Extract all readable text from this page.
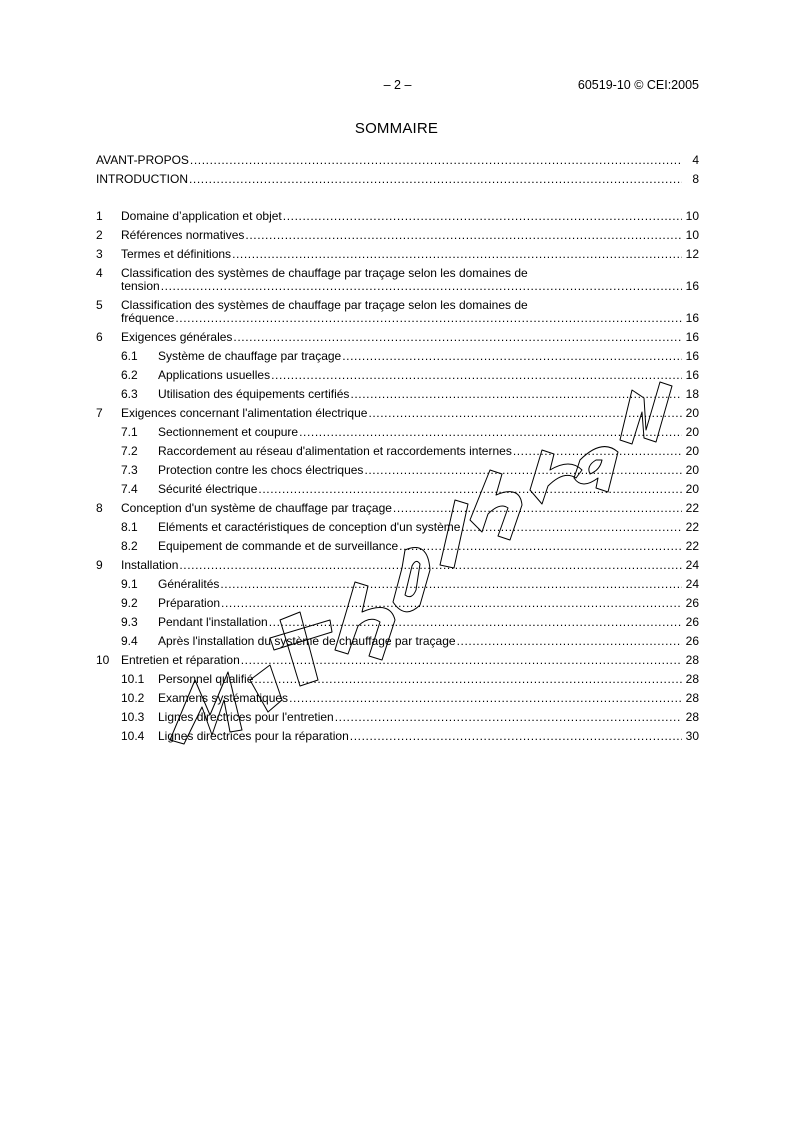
– 2 –	60519-10 © CEI:2005
SOMMAIRE
AVANT-PROPOS .....	4
INTRODUCTION .....	8
1 Domaine d’application et objet .....	10
2 Références normatives .....	10
3 Termes et définitions .....	12
4 Classification des systèmes de chauffage par traçage selon les domaines de
tension .....	16
5 Classification des systèmes de chauffage par traçage selon les domaines de
fréquence .....	16
6 Exigences générales .....	16
6.1 Système de chauffage par traçage .....	16
6.2 Applications usuelles .....	16
6.3 Utilisation des équipements certifiés .....	18
7 Exigences concernant l'alimentation électrique .....	20
7.1 Sectionnement et coupure .....	20
7.2 Raccordement au réseau d'alimentation et raccordements internes .....	20
7.3 Protection contre les chocs électriques .....	20
7.4 Sécurité électrique .....	20
8 Conception d'un système de chauffage par traçage .....	22
8.1 Eléments et caractéristiques de conception d'un système .....	22
8.2 Equipement de commande et de surveillance .....	22
9 Installation .....	24
9.1 Généralités .....	24
9.2 Préparation .....	26
9.3 Pendant l'installation .....	26
9.4 Après l'installation du système de chauffage par traçage .....	26
10 Entretien et réparation .....	28
10.1 Personnel qualifié .....	28
10.2 Examens systématiques .....	28
10.3 Lignes directrices pour l'entretien .....	28
10.4 Lignes directrices pour la réparation .....	30
